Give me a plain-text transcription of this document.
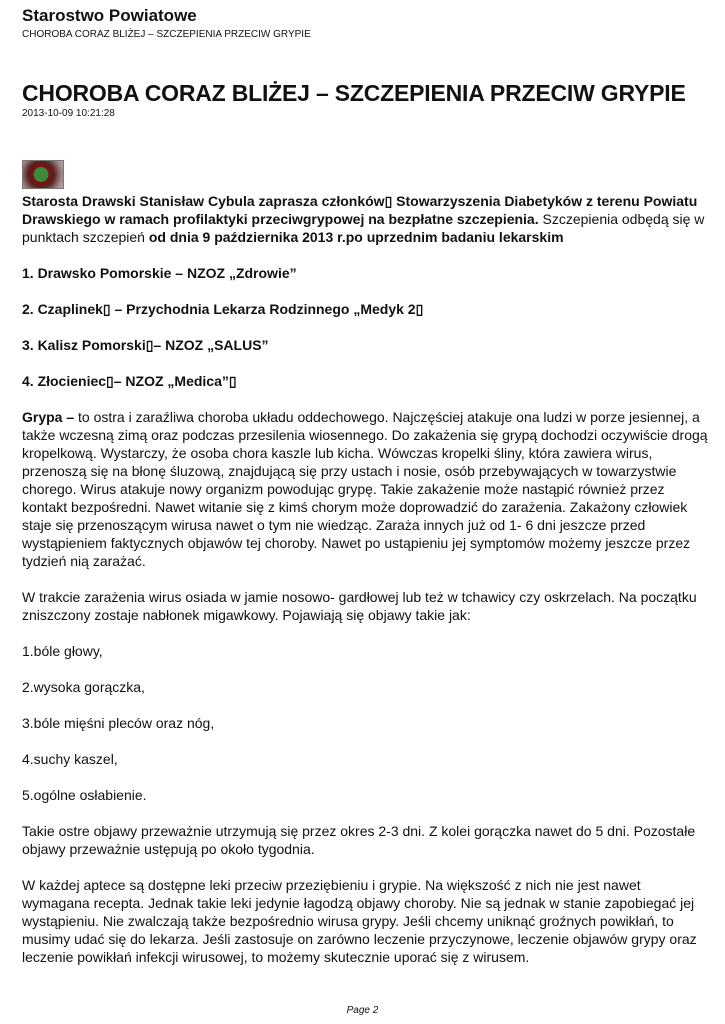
Starostwo Powiatowe
CHOROBA CORAZ BLIŻEJ – SZCZEPIENIA PRZECIW GRYPIE
CHOROBA CORAZ BLIŻEJ – SZCZEPIENIA PRZECIW GRYPIE
2013-10-09 10:21:28

Starosta Drawski Stanisław Cybula zaprasza członków▯ Stowarzyszenia Diabetyków z terenu Powiatu Drawskiego w ramach profilaktyki przeciwgrypowej na bezpłatne szczepienia. Szczepienia odbędą się w punktach szczepień od dnia 9 października 2013 r.po uprzednim badaniu lekarskim

1. Drawsko Pomorskie – NZOZ „Zdrowie”

2. Czaplinek▯ – Przychodnia Lekarza Rodzinnego „Medyk 2▯

3. Kalisz Pomorski▯– NZOZ „SALUS”

4. Złocieniec▯– NZOZ „Medica”▯

Grypa – to ostra i zaraźliwa choroba układu oddechowego. Najczęściej atakuje ona ludzi w porze jesiennej, a także wczesną zimą oraz podczas przesilenia wiosennego. Do zakażenia się grypą dochodzi oczywiście drogą kropelkową. Wystarczy, że osoba chora kaszle lub kicha. Wówczas kropelki śliny, która zawiera wirus, przenoszą się na błonę śluzową, znajdującą się przy ustach i nosie, osób przebywających w towarzystwie chorego. Wirus atakuje nowy organizm powodując grypę. Takie zakażenie może nastąpić również przez kontakt bezpośredni. Nawet witanie się z kimś chorym może doprowadzić do zarażenia. Zakażony człowiek staje się przenoszącym wirusa nawet o tym nie wiedząc. Zaraża innych już od 1- 6 dni jeszcze przed wystąpieniem faktycznych objawów tej choroby. Nawet po ustąpieniu jej symptomów możemy jeszcze przez tydzień nią zarażać.

W trakcie zarażenia wirus osiada w jamie nosowo- gardłowej lub też w tchawicy czy oskrzelach. Na początku zniszczony zostaje nabłonek migawkowy. Pojawiają się objawy takie jak:

1.bóle głowy,

2.wysoka gorączka,

3.bóle mięśni pleców oraz nóg,

4.suchy kaszel,

5.ogólne osłabienie.

Takie ostre objawy przeważnie utrzymują się przez okres 2-3 dni. Z kolei gorączka nawet do 5 dni. Pozostałe objawy przeważnie ustępują po około tygodnia.

W każdej aptece są dostępne leki przeciw przeziębieniu i grypie. Na większość z nich nie jest nawet wymagana recepta. Jednak takie leki jedynie łagodzą objawy choroby. Nie są jednak w stanie zapobiegać jej wystąpieniu. Nie zwalczają także bezpośrednio wirusa grypy. Jeśli chcemy uniknąć groźnych powikłań, to musimy udać się do lekarza. Jeśli zastosuje on zarówno leczenie przyczynowe, leczenie objawów grypy oraz leczenie powikłań infekcji wirusowej, to możemy skutecznie uporać się z wirusem.

Page 2
